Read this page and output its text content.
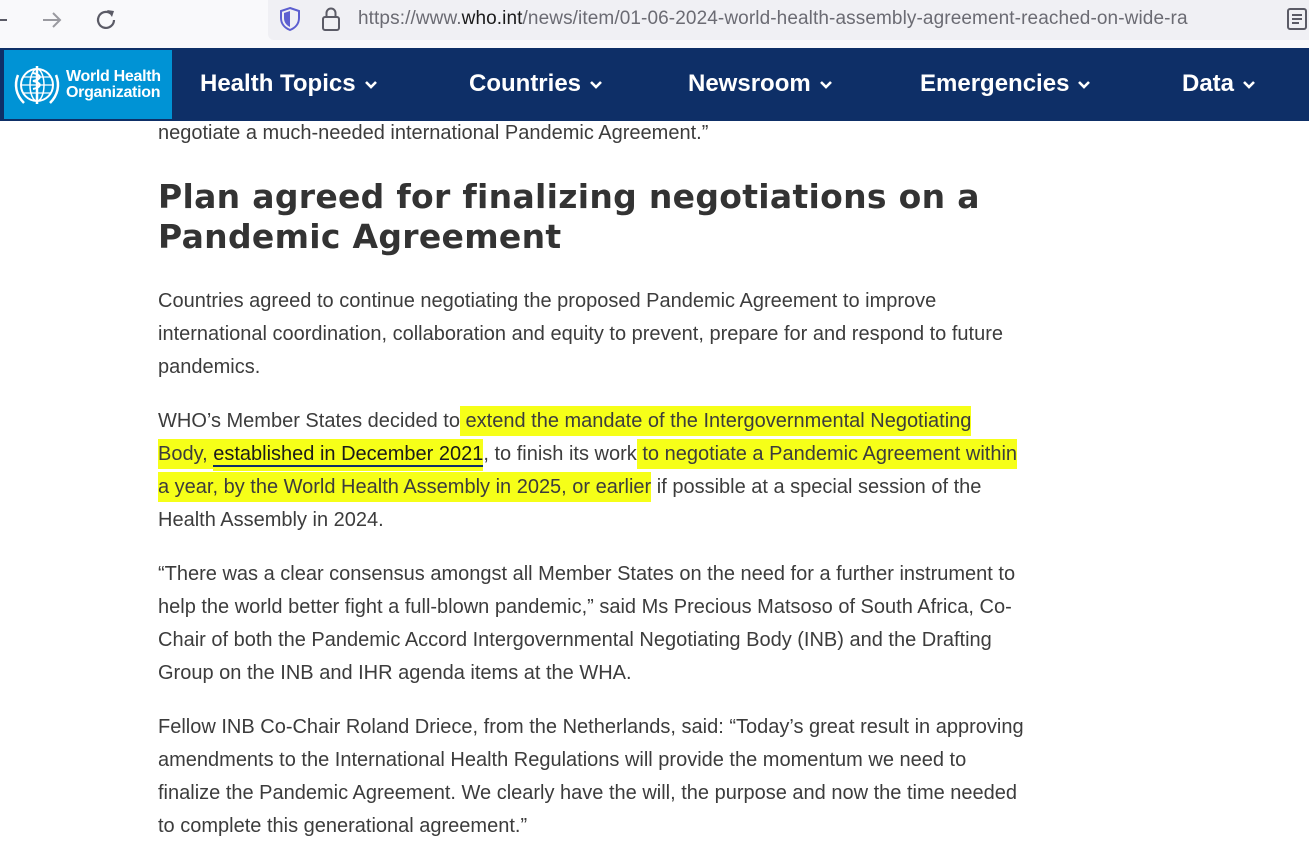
https://www.who.int/news/item/01-06-2024-world-health-assembly-agreement-reached-on-wide-ra
World Health
Organization Health Topics	Countries	Newsroom	Emergencies	Data
negotiate a much-needed international Pandemic Agreement.”
Plan agreed for finalizing negotiations on a
Pandemic Agreement

Countries agreed to continue negotiating the proposed Pandemic Agreement to improve
international coordination, collaboration and equity to prevent, prepare for and respond to future
pandemics.

WHO’s Member States decided to extend the mandate of the Intergovernmental Negotiating
Body, established in December 2021, to finish its work to negotiate a Pandemic Agreement within
a year, by the World Health Assembly in 2025, or earlier if possible at a special session of the
Health Assembly in 2024.

“There was a clear consensus amongst all Member States on the need for a further instrument to
help the world better fight a full-blown pandemic,” said Ms Precious Matsoso of South Africa, Co-
Chair of both the Pandemic Accord Intergovernmental Negotiating Body (INB) and the Drafting
Group on the INB and IHR agenda items at the WHA.

Fellow INB Co-Chair Roland Driece, from the Netherlands, said: “Today’s great result in approving
amendments to the International Health Regulations will provide the momentum we need to
finalize the Pandemic Agreement. We clearly have the will, the purpose and now the time needed
to complete this generational agreement.”
